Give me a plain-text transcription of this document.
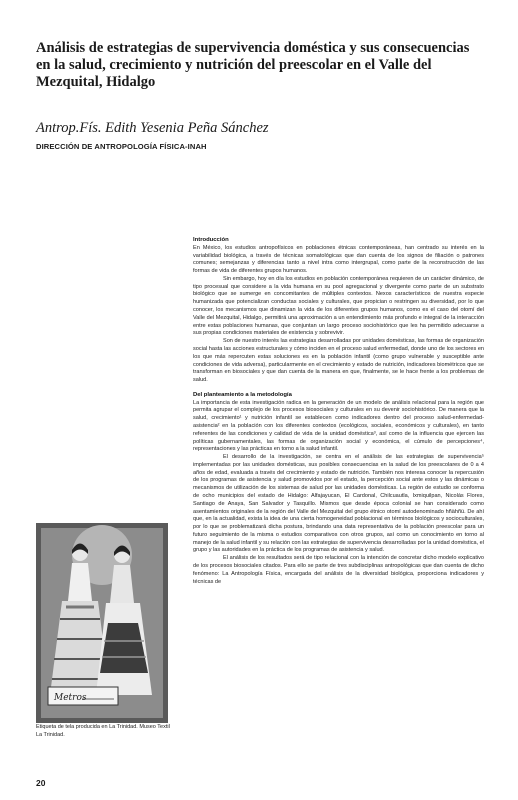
Análisis de estrategias de supervivencia doméstica y sus consecuencias en la salud, crecimiento y nutrición del preescolar en el Valle del Mezquital, Hidalgo
Antrop.Fís. Edith Yesenia Peña Sánchez
DIRECCIÓN DE ANTROPOLOGÍA FÍSICA-INAH
Introducción

En México, los estudios antropofísicos en poblaciones étnicas contemporáneas, han centrado su interés en la variabilidad biológica, a través de técnicas somatológicas que dan cuenta de los signos de filiación o patrones comunes; semejanzas y diferencias tanto a nivel intra como intergrupal, como parte de la reconstrucción de las formas de vida de diferentes grupos humanos.

Sin embargo, hoy en día los estudios en población contemporánea requieren de un carácter dinámico, de tipo procesual que considere a la vida humana en su pool agregacional y divergente como parte de un substrato biológico que se sumerge en concomitantes de múltiples contextos. Nexos característicos de nuestra especie humanizada que potencializan conductas sociales y culturales, que propician o restringen su diversidad, por lo que conocer, los mecanismos que dinamizan la vida de los diferentes grupos humanos, como es el caso del otomí del Valle del Mezquital, Hidalgo, permitirá una aproximación a un entendimiento más profundo e integral de la interacción entre estas poblaciones humanas, que conjuntan un largo proceso sociohistórico que les ha permitido adecuarse a sus propias condiciones materiales de existencia y sobrevivir.

Son de nuestro interés las estrategias desarrolladas por unidades domésticas, las formas de organización social hasta las acciones estructurales y cómo inciden en el proceso salud enfermedad, donde uno de los sectores en los que más repercuten estas soluciones es en la población infantil (como grupo vulnerable y susceptible ante condiciones de vida adversa), particularmente en el crecimiento y estado de nutrición, indicadores biométricos que se transforman en biosociales y que dan cuenta de la manera en que, finalmente, se le hace frente a los problemas de salud.

Del planteamiento a la metodología

La importancia de esta investigación radica en la generación de un modelo de análisis relacional para la región que permita agrupar el complejo de los procesos biosociales y culturales en su devenir sociohistórico. De manera que la salud, crecimiento¹ y nutrición infantil se establecen como indicadores dentro del proceso salud-enfermedad-asistencia² en la población con los diferentes contextos (ecológicos, sociales, económicos y culturales), en tanto referentes de las condiciones y calidad de vida de la unidad doméstica³, así como de la influencia que ejercen las políticas gubernamentales, las formas de organización social y económica, el cúmulo de percepciones⁴, representaciones y las prácticas en torno a la salud infantil.

El desarrollo de la investigación, se centra en el análisis de las estrategias de supervivencia⁵ implementadas por las unidades domésticas, sus posibles consecuencias en la salud de los preescolares de 0 a 4 años de edad, evaluada a través del crecimiento y estado de nutrición. También nos interesa conocer la repercusión de los programas de asistencia y salud promovidos por el estado, la percepción social ante estos y las dinámicas o mecanismos de utilización de los sistemas de salud por las unidades domésticas. La región de estudio se conforma de ocho municipios del estado de Hidalgo: Alfajayucan, El Cardonal, Chilcuautla, Ixmiquilpan, Nicolás Flores, Santiago de Anaya, San Salvador y Tasquillo. Mismos que desde época colonial se han considerado como asentamientos originales de la región del Valle del Mezquital del grupo étnico otomí autodenominado hñähñü. De ahí que, en la actualidad, exista la idea de una cierta homogeneidad poblacional en términos biológicos y socioculturales, por lo que se problematizará dicha postura, brindando una data representativa de la población preescolar para un futuro seguimiento de la misma o estudios comparativos con otros grupos, así como un conocimiento en torno al manejo de la salud infantil y su relación con las estrategias de supervivencia desarrolladas por la unidad doméstica, el grupo y las autoridades en la práctica de los programas de asistencia y salud.

El análisis de los resultados será de tipo relacional con la intención de concretar dicho modelo explicativo de los procesos biosociales citados. Para ello se parte de tres subdisciplinas antropológicas que dan cuenta de dicho fenómeno: La Antropología Física, encargada del análisis de la diversidad biológica, proporciona indicadores y técnicas de

Metros

Etiqueta de tela producida en La Trinidad. Museo Textil La Trinidad.

20
